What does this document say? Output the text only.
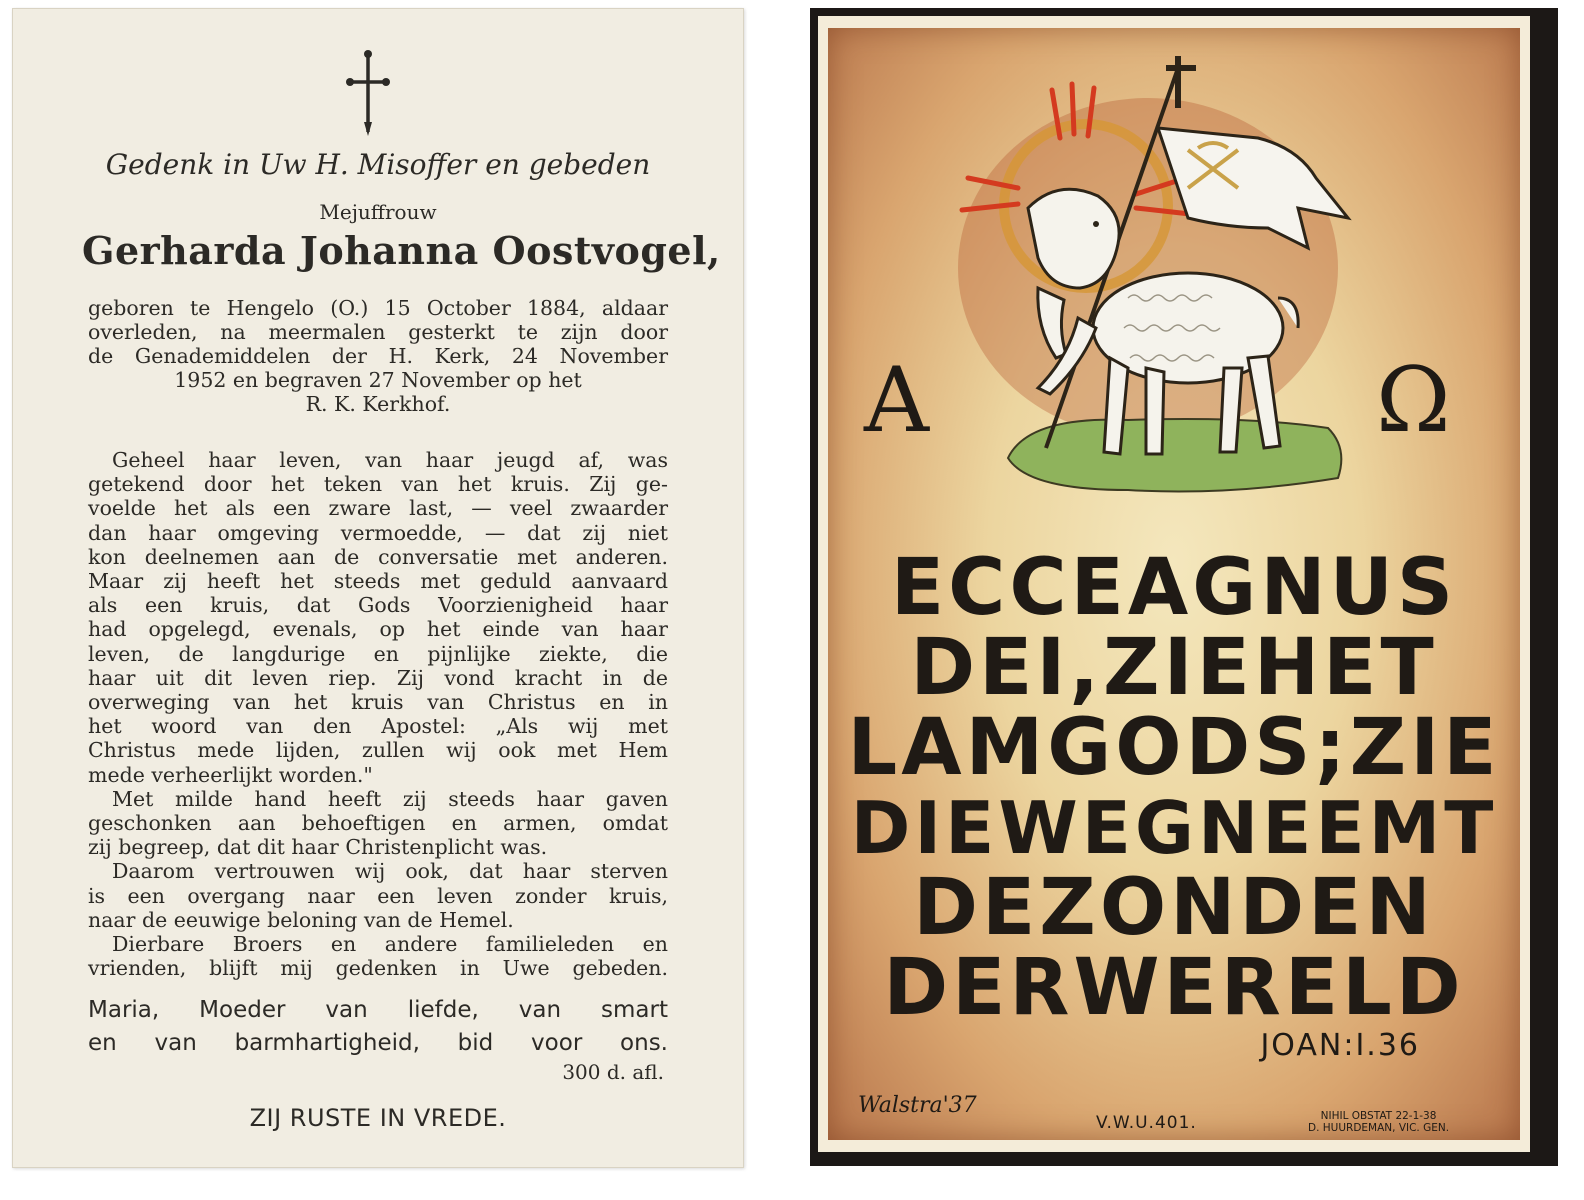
Gedenk in Uw H. Misoffer en gebeden

Mejuffrouw

Gerharda Johanna Oostvogel,

geboren te Hengelo (O.) 15 October 1884, aldaar
overleden, na meermalen gesterkt te zijn door
de Genademiddelen der H. Kerk, 24 November
1952 en begraven 27 November op het
R. K. Kerkhof.
Geheel haar leven, van haar jeugd af, was
getekend door het teken van het kruis. Zij ge-
voelde het als een zware last, — veel zwaarder
dan haar omgeving vermoedde, — dat zij niet
kon deelnemen aan de conversatie met anderen.
Maar zij heeft het steeds met geduld aanvaard
als een kruis, dat Gods Voorzienigheid haar
had opgelegd, evenals, op het einde van haar
leven, de langdurige en pijnlijke ziekte, die
haar uit dit leven riep. Zij vond kracht in de
overweging van het kruis van Christus en in
het woord van den Apostel: „Als wij met
Christus mede lijden, zullen wij ook met Hem
mede verheerlijkt worden."
Met milde hand heeft zij steeds haar gaven
geschonken aan behoeftigen en armen, omdat
zij begreep, dat dit haar Christenplicht was.
Daarom vertrouwen wij ook, dat haar sterven
is een overgang naar een leven zonder kruis,
naar de eeuwige beloning van de Hemel.
Dierbare Broers en andere familieleden en
vrienden, blijft mij gedenken in Uwe gebeden.
Maria, Moeder van liefde, van smart
en van barmhartigheid, bid voor ons.
300 d. afl.
ZIJ RUSTE IN VREDE.
A	Ω
ECCEAGNUS
DEI,ZIEHET
LAMGODS;ZIE
DIEWEGNEEMT
DEZONDEN
DERWERELD
JOAN:I.36
Walstra'37
V.W.U.401.	NIHIL OBSTAT 22-1-38
D. HUURDEMAN, VIC. GEN.
